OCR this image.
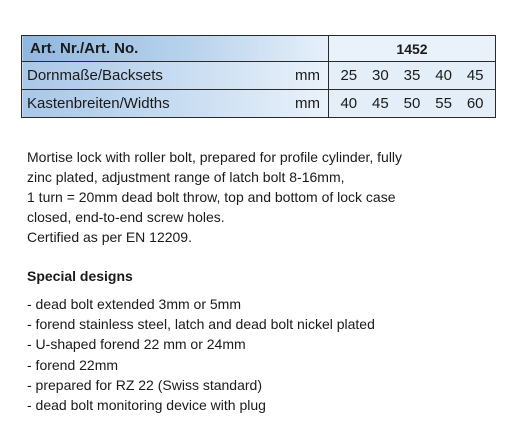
Art. Nr./Art. No.	1452

Dornmaße/Backsets mm	25 30 35 40 45

Kastenbreiten/Widths mm	40 45 50 55 60

Mortise lock with roller bolt, prepared for profile cylinder, fully
zinc plated, adjustment range of latch bolt 8-16mm,
1 turn = 20mm dead bolt throw, top and bottom of lock case
closed, end-to-end screw holes.
Certified as per EN 12209.

Special designs
- dead bolt extended 3mm or 5mm
- forend stainless steel, latch and dead bolt nickel plated
- U-shaped forend 22 mm or 24mm
- forend 22mm
- prepared for RZ 22 (Swiss standard)
- dead bolt monitoring device with plug
